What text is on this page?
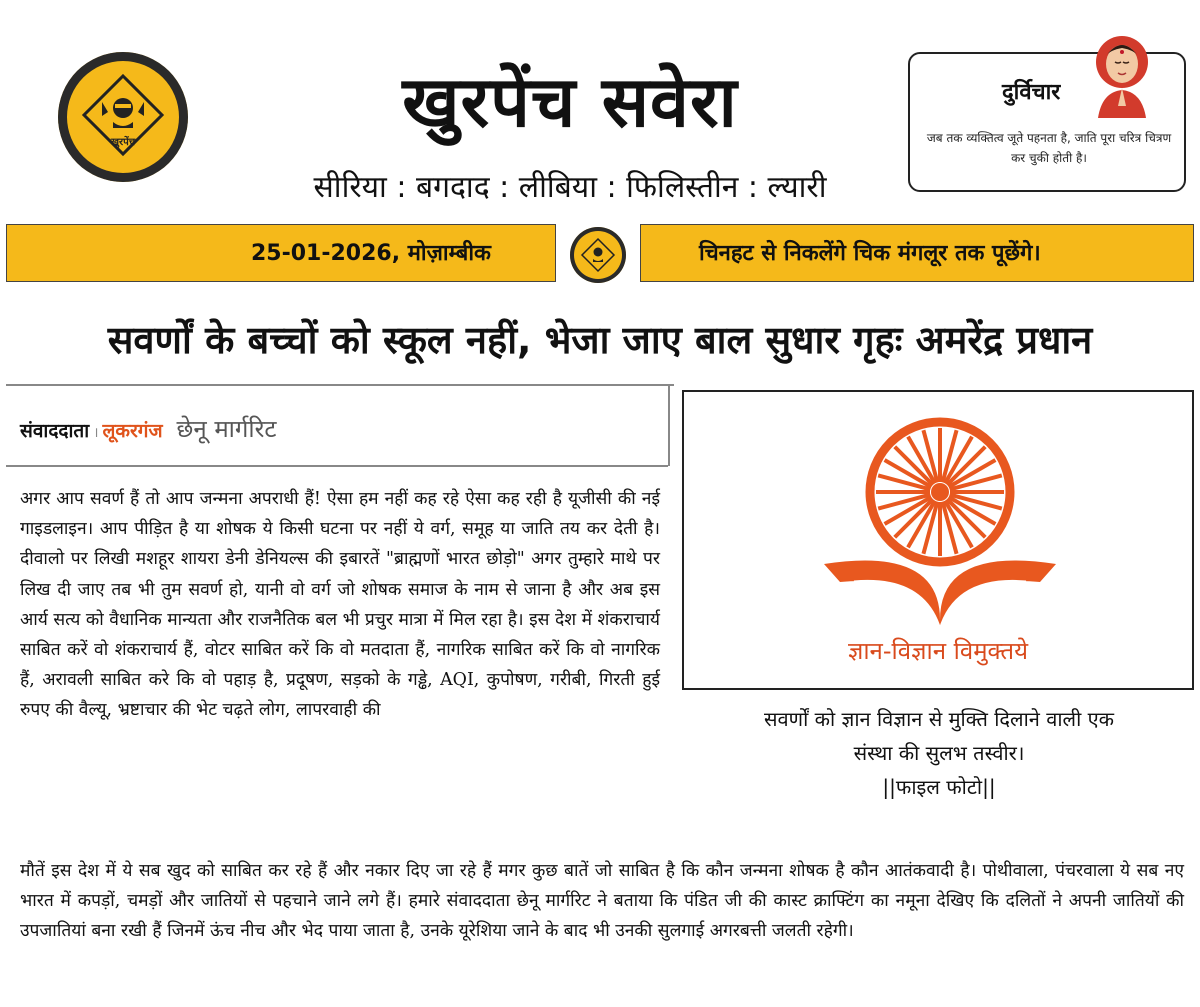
खुरपेंच	खुरपेंच सवेरा
सीरिया : बगदाद : लीबिया : फिलिस्तीन : ल्यारी
दुर्विचार
जब तक व्यक्तित्व जूते पहनता है, जाति पूरा चरित्र चित्रण कर चुकी होती है।
25-01-2026, मोज़ाम्बीक	चिनहट से निकलेंगे चिक मंगलूर तक पूछेंगे।
सवर्णों के बच्चों को स्कूल नहीं, भेजा जाए बाल सुधार गृहः अमरेंद्र प्रधान
संवाददाता । लूकरगंज छेनू मार्गरिट
ज्ञान-विज्ञान विमुक्तये
सवर्णों को ज्ञान विज्ञान से मुक्ति दिलाने वाली एक
संस्था की सुलभ तस्वीर।
||फाइल फोटो||

अगर आप सवर्ण हैं तो आप जन्मना अपराधी हैं! ऐसा हम नहीं कह रहे ऐसा कह रही है यूजीसी की नई गाइडलाइन। आप पीड़ित है या शोषक ये किसी घटना पर नहीं ये वर्ग, समूह या जाति तय कर देती है। दीवालो पर लिखी मशहूर शायरा डेनी डेनियल्स की इबारतें "ब्राह्मणों भारत छोड़ो" अगर तुम्हारे माथे पर लिख दी जाए तब भी तुम सवर्ण हो, यानी वो वर्ग जो शोषक समाज के नाम से जाना है और अब इस आर्य सत्य को वैधानिक मान्यता और राजनैतिक बल भी प्रचुर मात्रा में मिल रहा है। इस देश में शंकराचार्य साबित करें वो शंकराचार्य हैं, वोटर साबित करें कि वो मतदाता हैं, नागरिक साबित करें कि वो नागरिक हैं, अरावली साबित करे कि वो पहाड़ है, प्रदूषण, सड़को के गड्ढे, AQI, कुपोषण, गरीबी, गिरती हुई रुपए की वैल्यू, भ्रष्टाचार की भेट चढ़ते लोग, लापरवाही की

मौतें इस देश में ये सब खुद को साबित कर रहे हैं और नकार दिए जा रहे हैं मगर कुछ बातें जो साबित है कि कौन जन्मना शोषक है कौन आतंकवादी है। पोथीवाला, पंचरवाला ये सब नए भारत में कपड़ों, चमड़ों और जातियों से पहचाने जाने लगे हैं। हमारे संवाददाता छेनू मार्गरिट ने बताया कि पंडित जी की कास्ट क्राफ्टिंग का नमूना देखिए कि दलितों ने अपनी जातियों की उपजातियां बना रखी हैं जिनमें ऊंच नीच और भेद पाया जाता है, उनके यूरेशिया जाने के बाद भी उनकी सुलगाई अगरबत्ती जलती रहेगी।
